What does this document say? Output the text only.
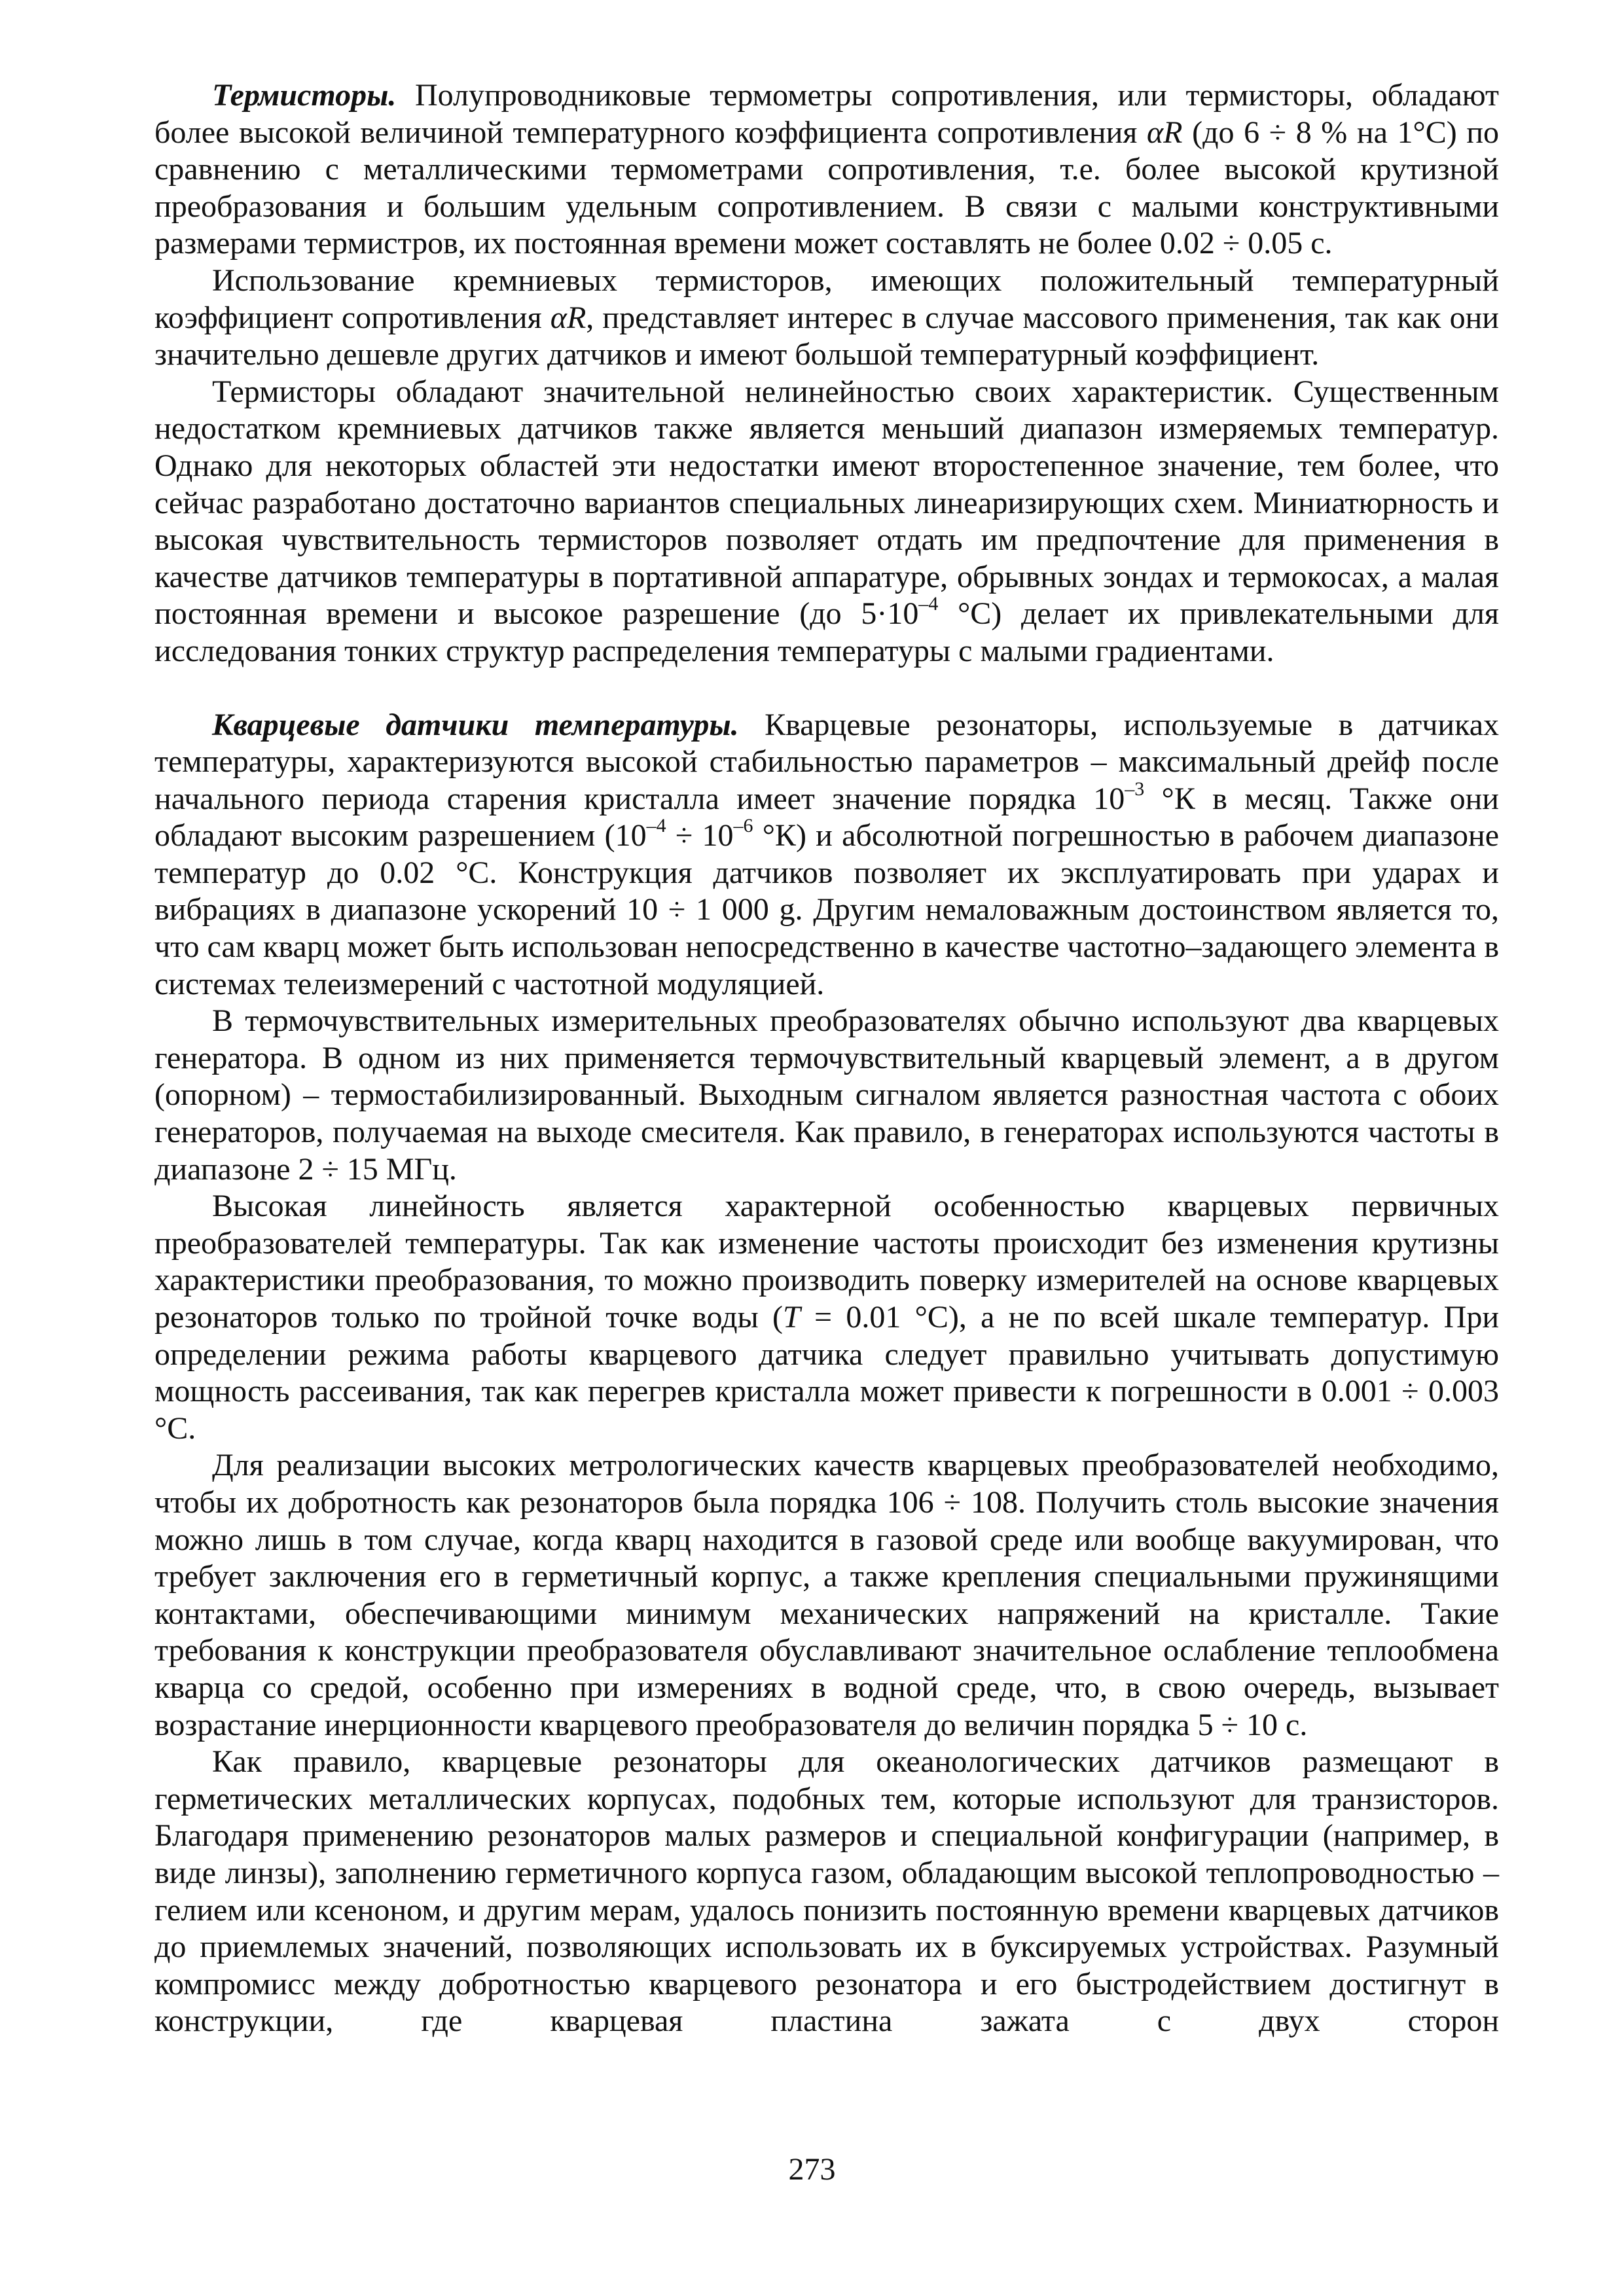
Термисторы. Полупроводниковые термометры сопротивления, или термисторы, обладают более высокой величиной температурного коэффициента сопротивления αR (до 6 ÷ 8 % на 1°С) по сравнению с металлическими термометрами сопротивления, т.е. более высокой крутизной преобразования и большим удельным сопротивлением. В связи с малыми конструктивными размерами термистров, их постоянная времени может составлять не более 0.02 ÷ 0.05 с.

Использование кремниевых термисторов, имеющих положительный температурный коэффициент сопротивления αR, представляет интерес в случае массового применения, так как они значительно дешевле других датчиков и имеют большой температурный коэффициент.

Термисторы обладают значительной нелинейностью своих характеристик. Существенным недостатком кремниевых датчиков также является меньший диапазон измеряемых температур. Однако для некоторых областей эти недостатки имеют второстепенное значение, тем более, что сейчас разработано достаточно вариантов специальных линеаризирующих схем. Миниатюрность и высокая чувствительность термисторов позволяет отдать им предпочтение для применения в качестве датчиков температуры в портативной аппаратуре, обрывных зондах и термокосах, а малая постоянная времени и высокое разрешение (до $5\cdot 10^{-4}$ °С) делает их привлекательными для исследования тонких структур распределения температуры с малыми градиентами.

Кварцевые датчики температуры. Кварцевые резонаторы, используемые в датчиках температуры, характеризуются высокой стабильностью параметров – максимальный дрейф после начального периода старения кристалла имеет значение порядка $10^{-3}$ °К в месяц. Также они обладают высоким разрешением ($10^{-4} \div 10^{-6}$ °К) и абсолютной погрешностью в рабочем диапазоне температур до 0.02 °С. Конструкция датчиков позволяет их эксплуатировать при ударах и вибрациях в диапазоне ускорений 10 ÷ 1 000 g. Другим немаловажным достоинством является то, что сам кварц может быть использован непосредственно в качестве частотно–задающего элемента в системах телеизмерений с частотной модуляцией.

В термочувствительных измерительных преобразователях обычно используют два кварцевых генератора. В одном из них применяется термочувствительный кварцевый элемент, а в другом (опорном) – термостабилизированный. Выходным сигналом является разностная частота с обоих генераторов, получаемая на выходе смесителя. Как правило, в генераторах используются частоты в диапазоне 2 ÷ 15 МГц.

Высокая линейность является характерной особенностью кварцевых первичных преобразователей температуры. Так как изменение частоты происходит без изменения крутизны характеристики преобразования, то можно производить поверку измерителей на основе кварцевых резонаторов только по тройной точке воды (T = 0.01 °С), а не по всей шкале температур. При определении режима работы кварцевого датчика следует правильно учитывать допустимую мощность рассеивания, так как перегрев кристалла может привести к погрешности в 0.001 ÷ 0.003 °С.

Для реализации высоких метрологических качеств кварцевых преобразователей необходимо, чтобы их добротность как резонаторов была порядка 106 ÷ 108. Получить столь высокие значения можно лишь в том случае, когда кварц находится в газовой среде или вообще вакуумирован, что требует заключения его в герметичный корпус, а также крепления специальными пружинящими контактами, обеспечивающими минимум механических напряжений на кристалле. Такие требования к конструкции преобразователя обуславливают значительное ослабление теплообмена кварца со средой, особенно при измерениях в водной среде, что, в свою очередь, вызывает возрастание инерционности кварцевого преобразователя до величин порядка 5 ÷ 10 с.

Как правило, кварцевые резонаторы для океанологических датчиков размещают в герметических металлических корпусах, подобных тем, которые используют для транзисторов. Благодаря применению резонаторов малых размеров и специальной конфигурации (например, в виде линзы), заполнению герметичного корпуса газом, обладающим высокой теплопроводностью – гелием или ксеноном, и другим мерам, удалось понизить постоянную времени кварцевых датчиков до приемлемых значений, позволяющих использовать их в буксируемых устройствах. Разумный компромисс между добротностью кварцевого резонатора и его быстродействием достигнут в конструкции, где кварцевая пластина зажата с двух сторон

273
